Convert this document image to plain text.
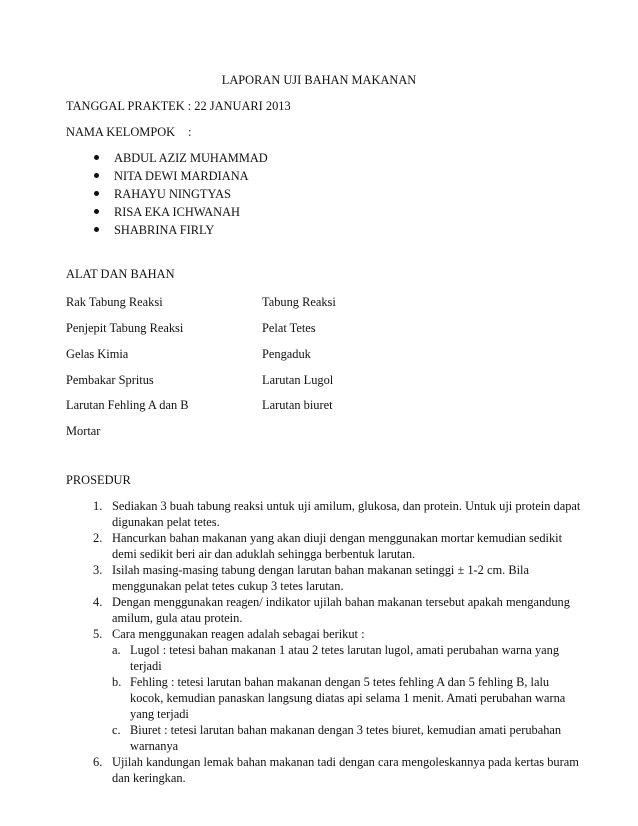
LAPORAN UJI BAHAN MAKANAN
TANGGAL PRAKTEK : 22 JANUARI 2013
NAMA KELOMPOK :
ABDUL AZIZ MUHAMMAD
NITA DEWI MARDIANA
RAHAYU NINGTYAS
RISA EKA ICHWANAH
SHABRINA FIRLY
ALAT DAN BAHAN
Rak Tabung Reaksi	Tabung Reaksi
Penjepit Tabung Reaksi	Pelat Tetes
Gelas Kimia	Pengaduk
Pembakar Spritus	Larutan Lugol
Larutan Fehling A dan B	Larutan biuret
Mortar
PROSEDUR
1. Sediakan 3 buah tabung reaksi untuk uji amilum, glukosa, dan protein. Untuk uji protein dapat digunakan pelat tetes.
2. Hancurkan bahan makanan yang akan diuji dengan menggunakan mortar kemudian sedikit demi sedikit beri air dan aduklah sehingga berbentuk larutan.
3. Isilah masing-masing tabung dengan larutan bahan makanan setinggi ± 1-2 cm. Bila menggunakan pelat tetes cukup 3 tetes larutan.
4. Dengan menggunakan reagen/ indikator ujilah bahan makanan tersebut apakah mengandung amilum, gula atau protein.
5. Cara menggunakan reagen adalah sebagai berikut :
a. Lugol : tetesi bahan makanan 1 atau 2 tetes larutan lugol, amati perubahan warna yang terjadi
b. Fehling : tetesi larutan bahan makanan dengan 5 tetes fehling A dan 5 fehling B, lalu kocok, kemudian panaskan langsung diatas api selama 1 menit. Amati perubahan warna yang terjadi
c. Biuret : tetesi larutan bahan makanan dengan 3 tetes biuret, kemudian amati perubahan warnanya
6. Ujilah kandungan lemak bahan makanan tadi dengan cara mengoleskannya pada kertas buram dan keringkan.
